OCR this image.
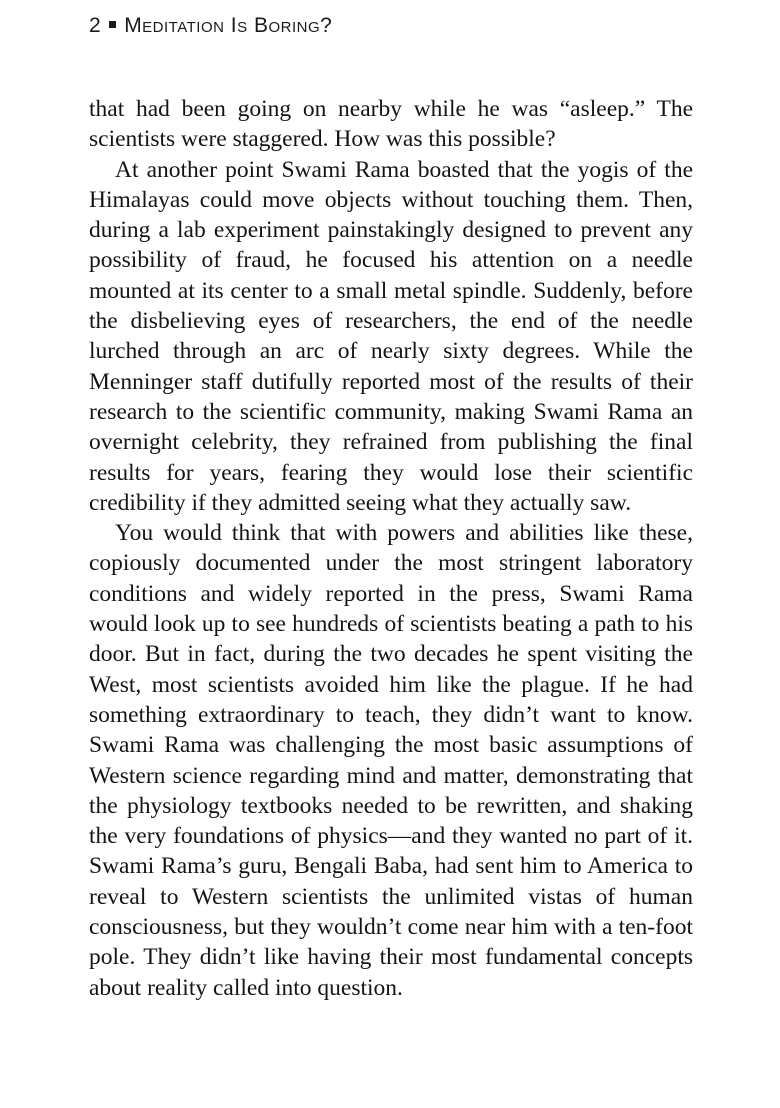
2 Meditation Is Boring?

that had been going on nearby while he was “asleep.” The scientists were staggered. How was this possible?

At another point Swami Rama boasted that the yogis of the Himalayas could move objects without touching them. Then, during a lab experiment painstakingly designed to prevent any possibility of fraud, he focused his attention on a needle mounted at its center to a small metal spindle. Suddenly, before the disbelieving eyes of researchers, the end of the needle lurched through an arc of nearly sixty degrees. While the Menninger staff dutifully reported most of the results of their research to the scientific community, making Swami Rama an overnight celebrity, they refrained from publishing the final results for years, fearing they would lose their scientific credibility if they admitted seeing what they actually saw.

You would think that with powers and abilities like these, copiously documented under the most stringent laboratory conditions and widely reported in the press, Swami Rama would look up to see hundreds of scientists beating a path to his door. But in fact, during the two decades he spent visiting the West, most scientists avoided him like the plague. If he had something extraordinary to teach, they didn’t want to know. Swami Rama was challenging the most basic assumptions of Western science regarding mind and matter, demonstrating that the physiology textbooks needed to be rewritten, and shaking the very foundations of physics—and they wanted no part of it. Swami Rama’s guru, Bengali Baba, had sent him to America to reveal to Western scientists the unlimited vistas of human consciousness, but they wouldn’t come near him with a ten-foot pole. They didn’t like having their most fundamental concepts about reality called into question.
